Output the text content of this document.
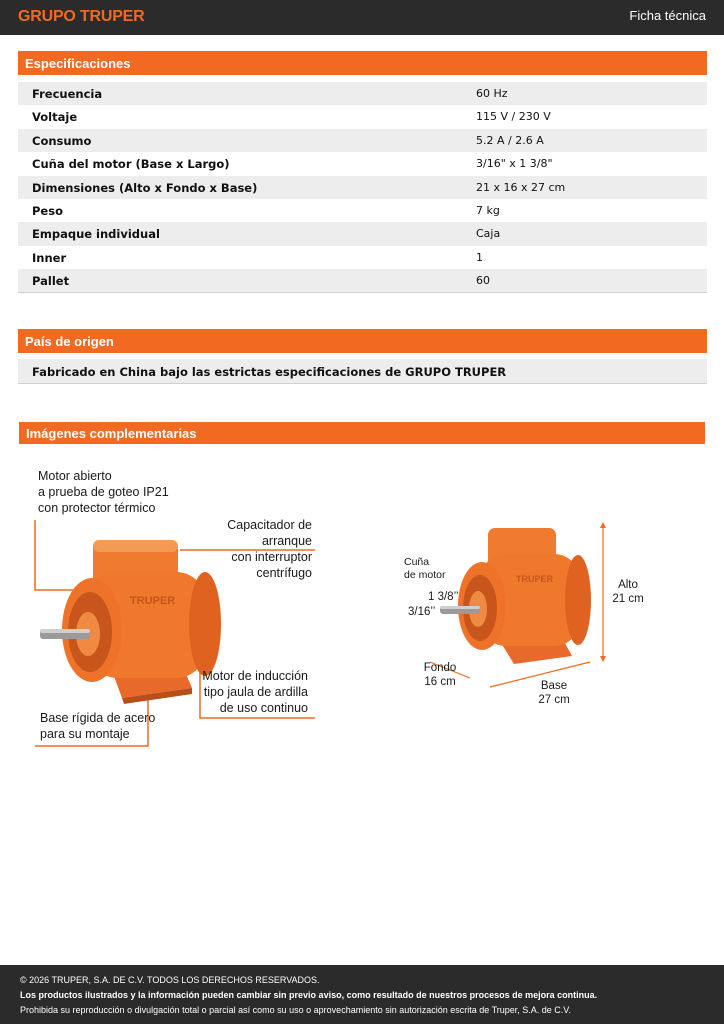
GRUPO TRUPER	Ficha técnica
Especificaciones
Frecuencia	60 Hz
Voltaje	115 V / 230 V
Consumo	5.2 A / 2.6 A
Cuña del motor (Base x Largo)	3/16" x 1 3/8"
Dimensiones (Alto x Fondo x Base)	21 x 16 x 27 cm
Peso	7 kg
Empaque individual	Caja
Inner	1
Pallet	60
País de origen
Fabricado en China bajo las estrictas especificaciones de GRUPO TRUPER
Imágenes complementarias
TRUPER
Motor abierto
a prueba de goteo IP21
con protector térmico
Capacitador de arranque
con interruptor centrífugo
Motor de inducción
tipo jaula de ardilla
de uso continuo
Base rígida de acero
para su montaje
TRUPER
Cuña
de motor
1 3/8’’
3/16’’
Alto
21 cm
Fondo
16 cm	Base
27 cm
© 2026 TRUPER, S.A. DE C.V. TODOS LOS DERECHOS RESERVADOS.
Los productos ilustrados y la información pueden cambiar sin previo aviso, como resultado de nuestros procesos de mejora continua.
Prohibida su reproducción o divulgación total o parcial así como su uso o aprovechamiento sin autorización escrita de Truper, S.A. de C.V.
